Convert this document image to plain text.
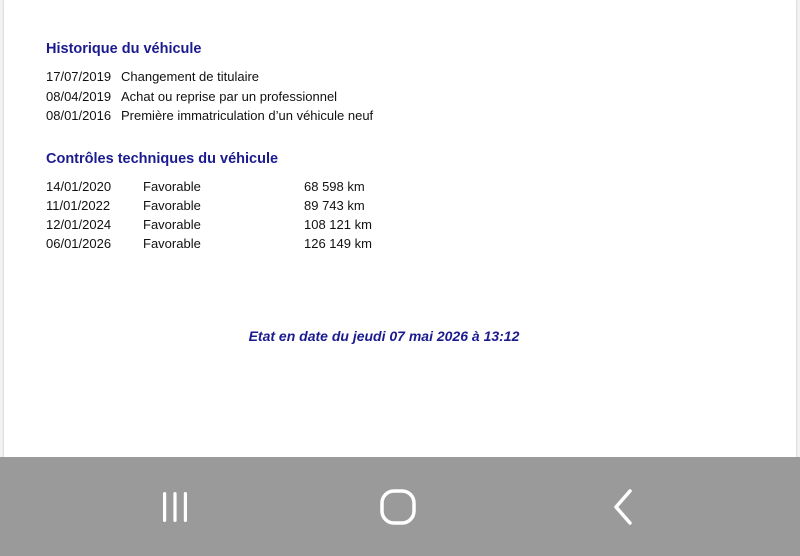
Historique du véhicule
17/07/2019 Changement de titulaire
08/04/2019 Achat ou reprise par un professionnel
08/01/2016 Première immatriculation d’un véhicule neuf
Contrôles techniques du véhicule
14/01/2020	Favorable	68 598 km
11/01/2022	Favorable	89 743 km
12/01/2024	Favorable	108 121 km
06/01/2026	Favorable	126 149 km
Etat en date du jeudi 07 mai 2026 à 13:12
